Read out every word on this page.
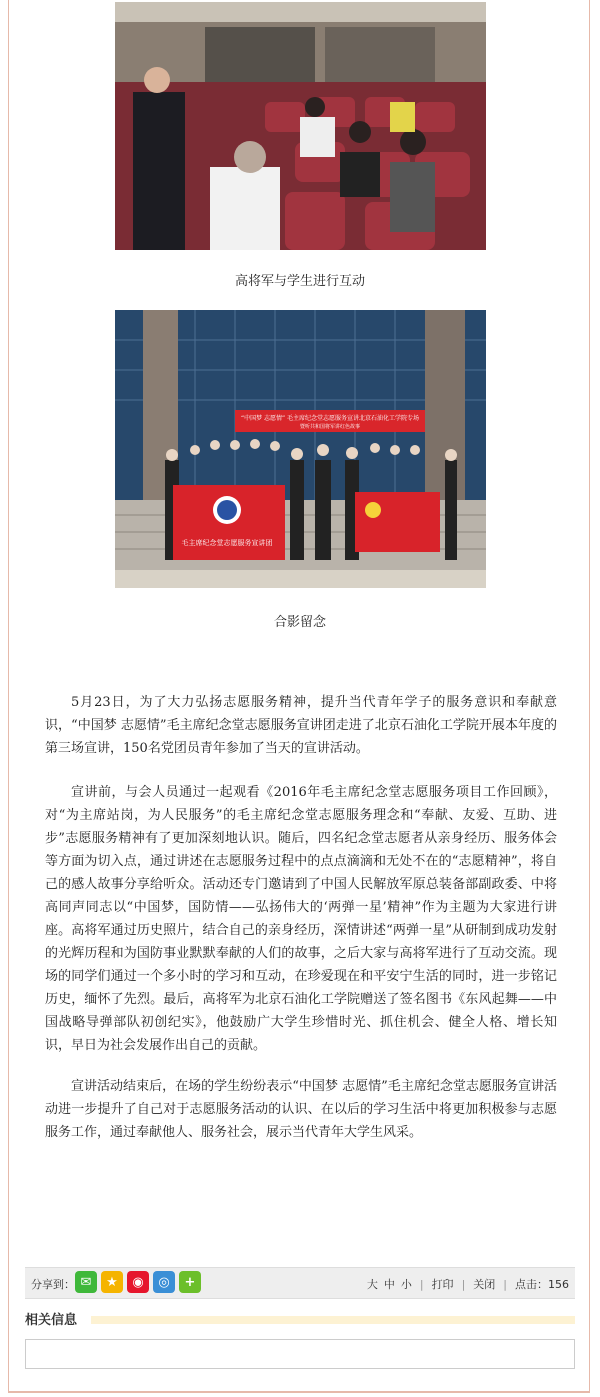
高将军与学生进行互动
“中国梦 志愿情” 毛主席纪念堂志愿服务宣讲北京石油化工学院专场
暨听共和国将军讲红色故事
毛主席纪念堂志愿服务宣讲团
合影留念

5月23日，为了大力弘扬志愿服务精神，提升当代青年学子的服务意识和奉献意识，“中国梦 志愿情”毛主席纪念堂志愿服务宣讲团走进了北京石油化工学院开展本年度的第三场宣讲，150名党团员青年参加了当天的宣讲活动。

宣讲前，与会人员通过一起观看《2016年毛主席纪念堂志愿服务项目工作回顾》，对“为主席站岗，为人民服务”的毛主席纪念堂志愿服务理念和“奉献、友爱、互助、进步”志愿服务精神有了更加深刻地认识。随后，四名纪念堂志愿者从亲身经历、服务体会等方面为切入点，通过讲述在志愿服务过程中的点点滴滴和无处不在的“志愿精神”，将自己的感人故事分享给听众。活动还专门邀请到了中国人民解放军原总装备部副政委、中将高同声同志以“中国梦，国防情——弘扬伟大的‘两弹一星’精神”作为主题为大家进行讲座。高将军通过历史照片，结合自己的亲身经历，深情讲述“两弹一星”从研制到成功发射的光辉历程和为国防事业默默奉献的人们的故事，之后大家与高将军进行了互动交流。现场的同学们通过一个多小时的学习和互动，在珍爱现在和平安宁生活的同时，进一步铭记历史，缅怀了先烈。最后，高将军为北京石油化工学院赠送了签名图书《东风起舞——中国战略导弹部队初创纪实》，他鼓励广大学生珍惜时光、抓住机会、健全人格、增长知识，早日为社会发展作出自己的贡献。

宣讲活动结束后，在场的学生纷纷表示“中国梦 志愿情”毛主席纪念堂志愿服务宣讲活动进一步提升了自己对于志愿服务活动的认识、在以后的学习生活中将更加积极参与志愿服务工作，通过奉献他人、服务社会，展示当代青年大学生风采。

分享到： ✉	★	◉	◎	+	大 中 小 | 打印 | 关闭 | 点击： 156
相关信息
